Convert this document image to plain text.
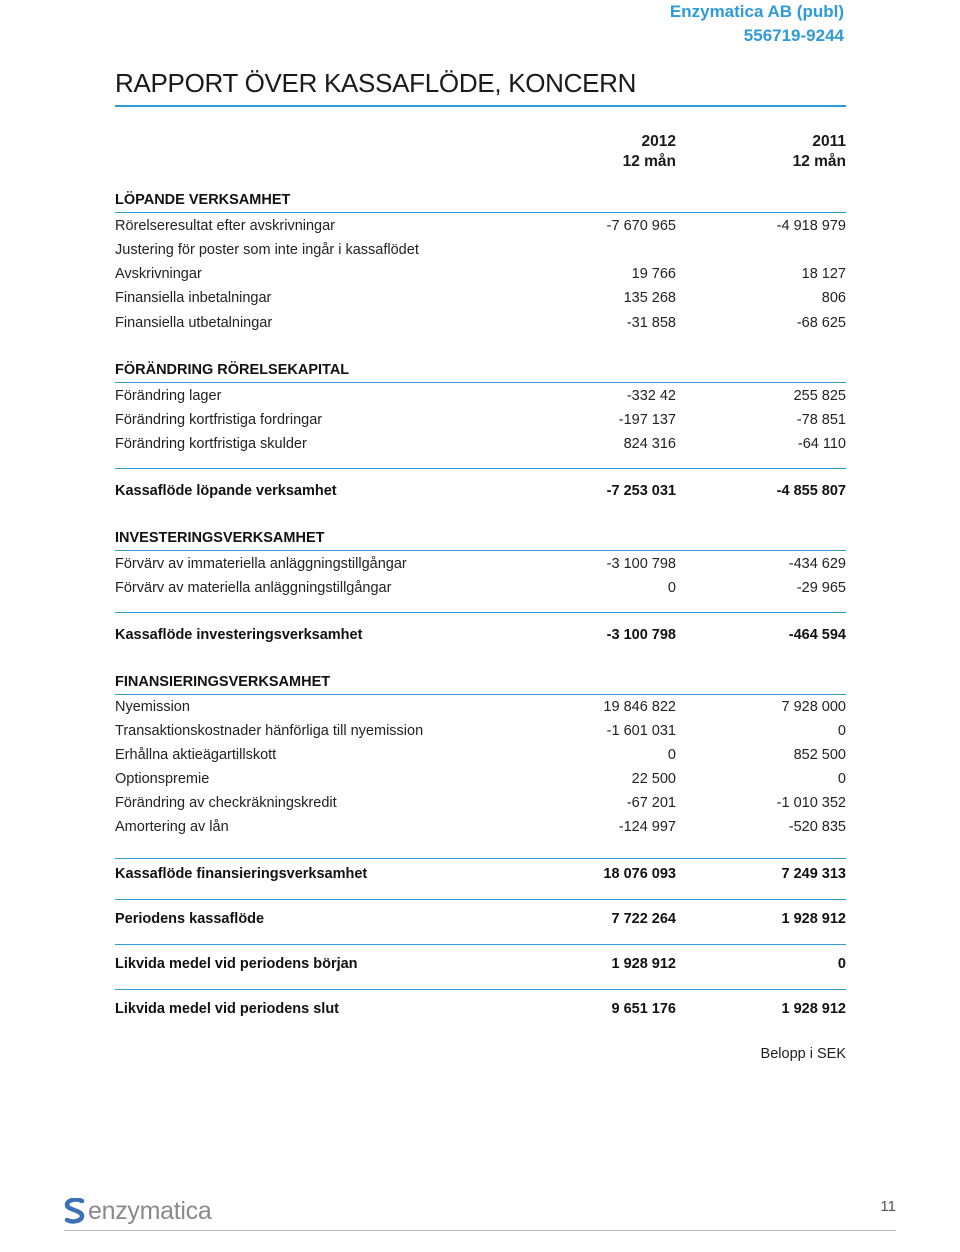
Enzymatica AB (publ)
556719-9244
RAPPORT ÖVER KASSAFLÖDE, KONCERN
2012
12 mån
2011
12 mån
LÖPANDE VERKSAMHET
Rörelseresultat efter avskrivningar	-7 670 965	-4 918 979
Justering för poster som inte ingår i kassaflödet
Avskrivningar	19 766	18 127
Finansiella inbetalningar	135 268	806
Finansiella utbetalningar	-31 858	-68 625
FÖRÄNDRING RÖRELSEKAPITAL
Förändring lager	-332 42	255 825
Förändring kortfristiga fordringar	-197 137	-78 851
Förändring kortfristiga skulder	824 316	-64 110
Kassaflöde löpande verksamhet	-7 253 031	-4 855 807
INVESTERINGSVERKSAMHET
Förvärv av immateriella anläggningstillgångar	-3 100 798	-434 629
Förvärv av materiella anläggningstillgångar	0	-29 965
Kassaflöde investeringsverksamhet	-3 100 798	-464 594
FINANSIERINGSVERKSAMHET
Nyemission	19 846 822	7 928 000
Transaktionskostnader hänförliga till nyemission	-1 601 031	0
Erhållna aktieägartillskott	0	852 500
Optionspremie	22 500	0
Förändring av checkräkningskredit	-67 201	-1 010 352
Amortering av lån	-124 997	-520 835
Kassaflöde finansieringsverksamhet	18 076 093	7 249 313
Periodens kassaflöde	7 722 264	1 928 912
Likvida medel vid periodens början	1 928 912	0
Likvida medel vid periodens slut	9 651 176	1 928 912
Belopp i SEK
enzymatica	11
